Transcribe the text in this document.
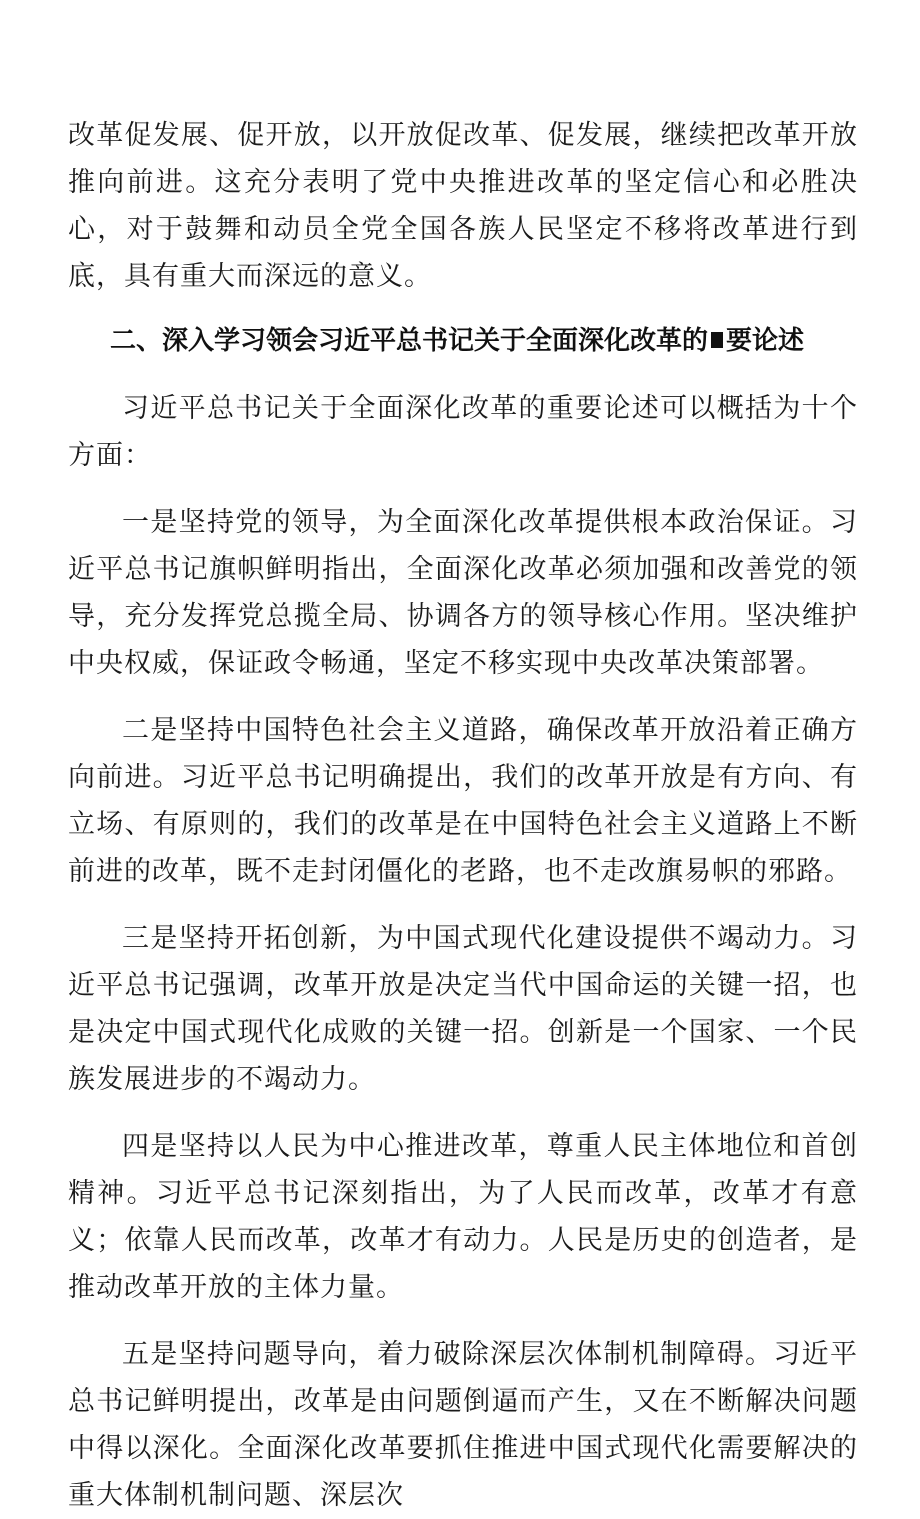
改革促发展、促开放，以开放促改革、促发展，继续把改革开放推向前进。这充分表明了党中央推进改革的坚定信心和必胜决心，对于鼓舞和动员全党全国各族人民坚定不移将改革进行到底，具有重大而深远的意义。

二、深入学习领会习近平总书记关于全面深化改革的 要论述

习近平总书记关于全面深化改革的重要论述可以概括为十个方面：

一是坚持党的领导，为全面深化改革提供根本政治保证。习近平总书记旗帜鲜明指出，全面深化改革必须加强和改善党的领导，充分发挥党总揽全局、协调各方的领导核心作用。坚决维护中央权威，保证政令畅通，坚定不移实现中央改革决策部署。

二是坚持中国特色社会主义道路，确保改革开放沿着正确方向前进。习近平总书记明确提出，我们的改革开放是有方向、有立场、有原则的，我们的改革是在中国特色社会主义道路上不断前进的改革，既不走封闭僵化的老路，也不走改旗易帜的邪路。

三是坚持开拓创新，为中国式现代化建设提供不竭动力。习近平总书记强调，改革开放是决定当代中国命运的关键一招，也是决定中国式现代化成败的关键一招。创新是一个国家、一个民族发展进步的不竭动力。

四是坚持以人民为中心推进改革，尊重人民主体地位和首创精神。习近平总书记深刻指出，为了人民而改革，改革才有意义；依靠人民而改革，改革才有动力。人民是历史的创造者，是推动改革开放的主体力量。

五是坚持问题导向，着力破除深层次体制机制障碍。习近平总书记鲜明提出，改革是由问题倒逼而产生，又在不断解决问题中得以深化。全面深化改革要抓住推进中国式现代化需要解决的重大体制机制问题、深层次
